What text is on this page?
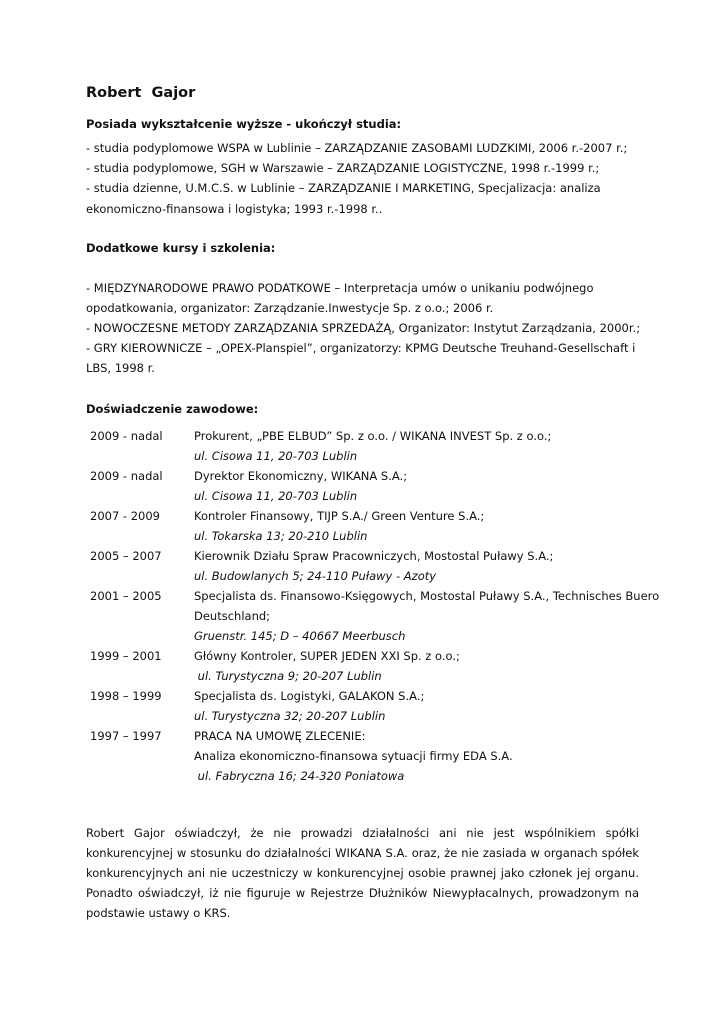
Robert  Gajor
Posiada wykształcenie wyższe - ukończył studia:
- studia podyplomowe WSPA w Lublinie – ZARZĄDZANIE ZASOBAMI LUDZKIMI, 2006 r.-2007 r.;
- studia podyplomowe, SGH w Warszawie – ZARZĄDZANIE LOGISTYCZNE, 1998 r.-1999 r.;
- studia dzienne, U.M.C.S. w Lublinie – ZARZĄDZANIE I MARKETING, Specjalizacja: analiza
ekonomiczno-finansowa i logistyka; 1993 r.-1998 r..
Dodatkowe kursy i szkolenia:
- MIĘDZYNARODOWE PRAWO PODATKOWE – Interpretacja umów o unikaniu podwójnego
opodatkowania, organizator: Zarządzanie.Inwestycje Sp. z o.o.; 2006 r.
- NOWOCZESNE METODY ZARZĄDZANIA SPRZEDAŻĄ, Organizator: Instytut Zarządzania, 2000r.;
- GRY KIEROWNICZE – „OPEX-Planspiel”, organizatorzy: KPMG Deutsche Treuhand-Gesellschaft i
LBS, 1998 r.
Doświadczenie zawodowe:
2009 - nadal	Prokurent, „PBE ELBUD” Sp. z o.o. / WIKANA INVEST Sp. z o.o.;
ul. Cisowa 11, 20-703 Lublin
2009 - nadal	Dyrektor Ekonomiczny, WIKANA S.A.;
ul. Cisowa 11, 20-703 Lublin
2007 - 2009	Kontroler Finansowy, TIJP S.A./ Green Venture S.A.;
ul. Tokarska 13; 20-210 Lublin
2005 – 2007	Kierownik Działu Spraw Pracowniczych, Mostostal Puławy S.A.;
ul. Budowlanych 5; 24-110 Puławy - Azoty
2001 – 2005	Specjalista ds. Finansowo-Księgowych, Mostostal Puławy S.A., Technisches Buero
Deutschland;
Gruenstr. 145; D – 40667 Meerbusch
1999 – 2001	Główny Kontroler, SUPER JEDEN XXI Sp. z o.o.;
ul. Turystyczna 9; 20-207 Lublin
1998 – 1999	Specjalista ds. Logistyki, GALAKON S.A.;
ul. Turystyczna 32; 20-207 Lublin
1997 – 1997	PRACA NA UMOWĘ ZLECENIE:
Analiza ekonomiczno-finansowa sytuacji firmy EDA S.A.
ul. Fabryczna 16; 24-320 Poniatowa
Robert Gajor oświadczył, że nie prowadzi działalności ani nie jest wspólnikiem spółki
konkurencyjnej w stosunku do działalności WIKANA S.A. oraz, że nie zasiada w organach spółek
konkurencyjnych ani nie uczestniczy w konkurencyjnej osobie prawnej jako członek jej organu.
Ponadto oświadczył, iż nie figuruje w Rejestrze Dłużników Niewypłacalnych, prowadzonym na
podstawie ustawy o KRS.
